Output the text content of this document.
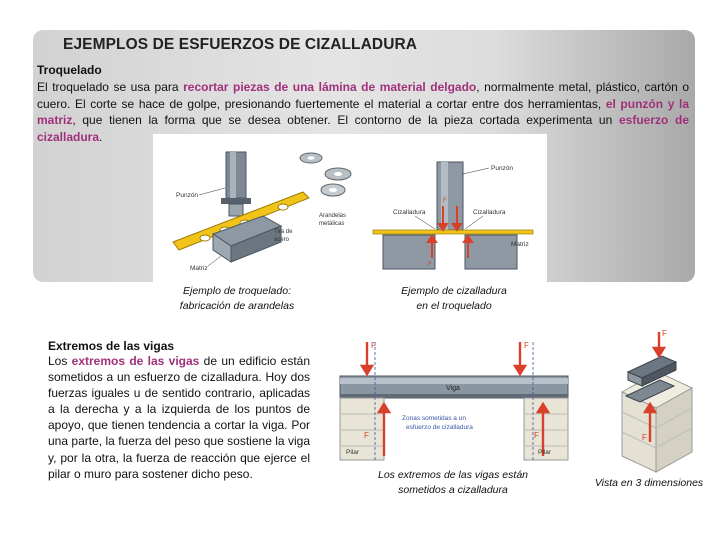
EJEMPLOS DE ESFUERZOS DE CIZALLADURA
Troquelado
El troquelado se usa para recortar piezas de una lámina de material delgado, normalmente metal, plástico, cartón o cuero. El corte se hace de golpe, presionando fuertemente el material a cortar entre dos herramientas, el punzón y la matriz, que tienen la forma que se desea obtener. El contorno de la pieza cortada experimenta un esfuerzo de cizalladura.
Punzón
Arandelas
metálicas
Tira de
acero
Matriz
F
F
Punzón
Cizalladura	Cizalladura
Matriz
Ejemplo de troquelado:
fabricación de arandelas
Ejemplo de cizalladura
en el troquelado
Extremos de las vigas
Los extremos de las vigas de un edificio están sometidos a un esfuerzo de cizalladura. Hoy dos fuerzas iguales u de sentido contrario, aplicadas a la derecha y a la izquierda de los puntos de apoyo, que tienen tendencia a cortar la viga. Por una parte, la fuerza del peso que sostiene la viga y, por la otra, la fuerza de reacción que ejerce el pilar o muro para sostener dicho peso.
F	F
F	F
Viga
Zonas sometidas a un
esfuerzo de cizalladura
Pilar	Pilar
Los extremos de las vigas están
sometidos a cizalladura
F
F
Vista en 3 dimensiones
